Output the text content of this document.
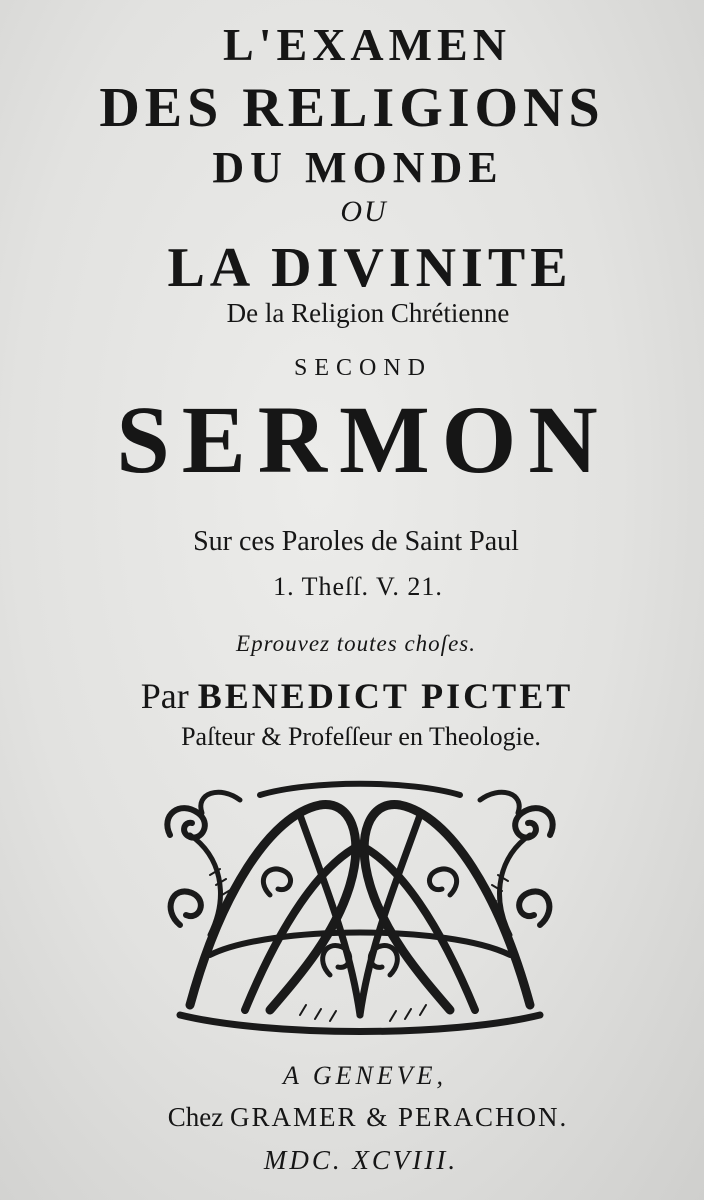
L'EXAMEN

DES RELIGIONS

DU MONDE

OU

LA DIVINITE

De la Religion Chrétienne

SECOND

SERMON

Sur ces Paroles de Saint Paul

1. Theſſ. V. 21.

Eprouvez toutes choſes.

Par BENEDICT PICTET

Paſteur & Profeſſeur en Theologie.

A GENEVE,

Chez GRAMER & PERACHON.

MDC. XCVIII.
